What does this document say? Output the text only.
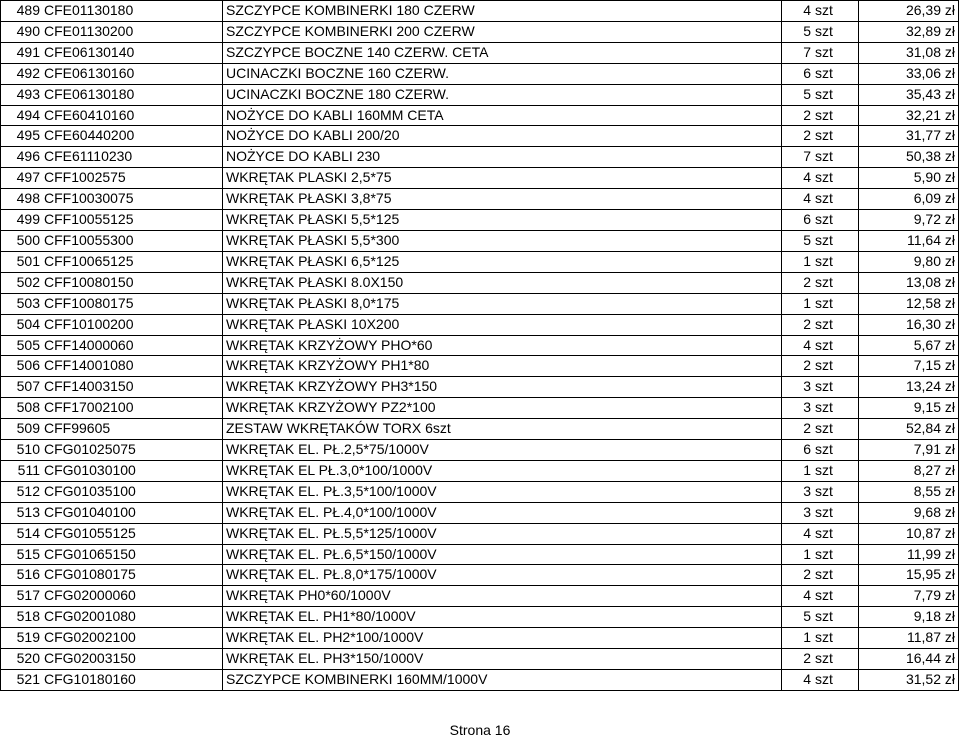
489	CFE01130180	SZCZYPCE KOMBINERKI 180 CZERW	4	szt	26,39 zł
490	CFE01130200	SZCZYPCE KOMBINERKI 200 CZERW	5	szt	32,89 zł
491	CFE06130140	SZCZYPCE BOCZNE 140 CZERW. CETA	7	szt	31,08 zł
492	CFE06130160	UCINACZKI BOCZNE 160 CZERW.	6	szt	33,06 zł
493	CFE06130180	UCINACZKI BOCZNE 180 CZERW.	5	szt	35,43 zł
494	CFE60410160	NOŻYCE DO KABLI 160MM CETA	2	szt	32,21 zł
495	CFE60440200	NOŻYCE DO KABLI 200/20	2	szt	31,77 zł
496	CFE61110230	NOŻYCE DO KABLI 230	7	szt	50,38 zł
497	CFF1002575	WKRĘTAK PLASKI 2,5*75	4	szt	5,90 zł
498	CFF10030075	WKRĘTAK PŁASKI 3,8*75	4	szt	6,09 zł
499	CFF10055125	WKRĘTAK PŁASKI 5,5*125	6	szt	9,72 zł
500	CFF10055300	WKRĘTAK PŁASKI 5,5*300	5	szt	11,64 zł
501	CFF10065125	WKRĘTAK PŁASKI 6,5*125	1	szt	9,80 zł
502	CFF10080150	WKRĘTAK PŁASKI 8.0X150	2	szt	13,08 zł
503	CFF10080175	WKRĘTAK PŁASKI 8,0*175	1	szt	12,58 zł
504	CFF10100200	WKRĘTAK PŁASKI 10X200	2	szt	16,30 zł
505	CFF14000060	WKRĘTAK KRZYŻOWY PHO*60	4	szt	5,67 zł
506	CFF14001080	WKRĘTAK KRZYŻOWY PH1*80	2	szt	7,15 zł
507	CFF14003150	WKRĘTAK KRZYŻOWY PH3*150	3	szt	13,24 zł
508	CFF17002100	WKRĘTAK KRZYŻOWY PZ2*100	3	szt	9,15 zł
509	CFF99605	ZESTAW WKRĘTAKÓW TORX 6szt	2	szt	52,84 zł
510	CFG01025075	WKRĘTAK EL. PŁ.2,5*75/1000V	6	szt	7,91 zł
511	CFG01030100	WKRĘTAK EL PŁ.3,0*100/1000V	1	szt	8,27 zł
512	CFG01035100	WKRĘTAK EL. PŁ.3,5*100/1000V	3	szt	8,55 zł
513	CFG01040100	WKRĘTAK EL. PŁ.4,0*100/1000V	3	szt	9,68 zł
514	CFG01055125	WKRĘTAK EL. PŁ.5,5*125/1000V	4	szt	10,87 zł
515	CFG01065150	WKRĘTAK EL. PŁ.6,5*150/1000V	1	szt	11,99 zł
516	CFG01080175	WKRĘTAK EL. PŁ.8,0*175/1000V	2	szt	15,95 zł
517	CFG02000060	WKRĘTAK PH0*60/1000V	4	szt	7,79 zł
518	CFG02001080	WKRĘTAK EL. PH1*80/1000V	5	szt	9,18 zł
519	CFG02002100	WKRĘTAK EL. PH2*100/1000V	1	szt	11,87 zł
520	CFG02003150	WKRĘTAK EL. PH3*150/1000V	2	szt	16,44 zł
521	CFG10180160	SZCZYPCE KOMBINERKI 160MM/1000V	4	szt	31,52 zł
Strona 16
